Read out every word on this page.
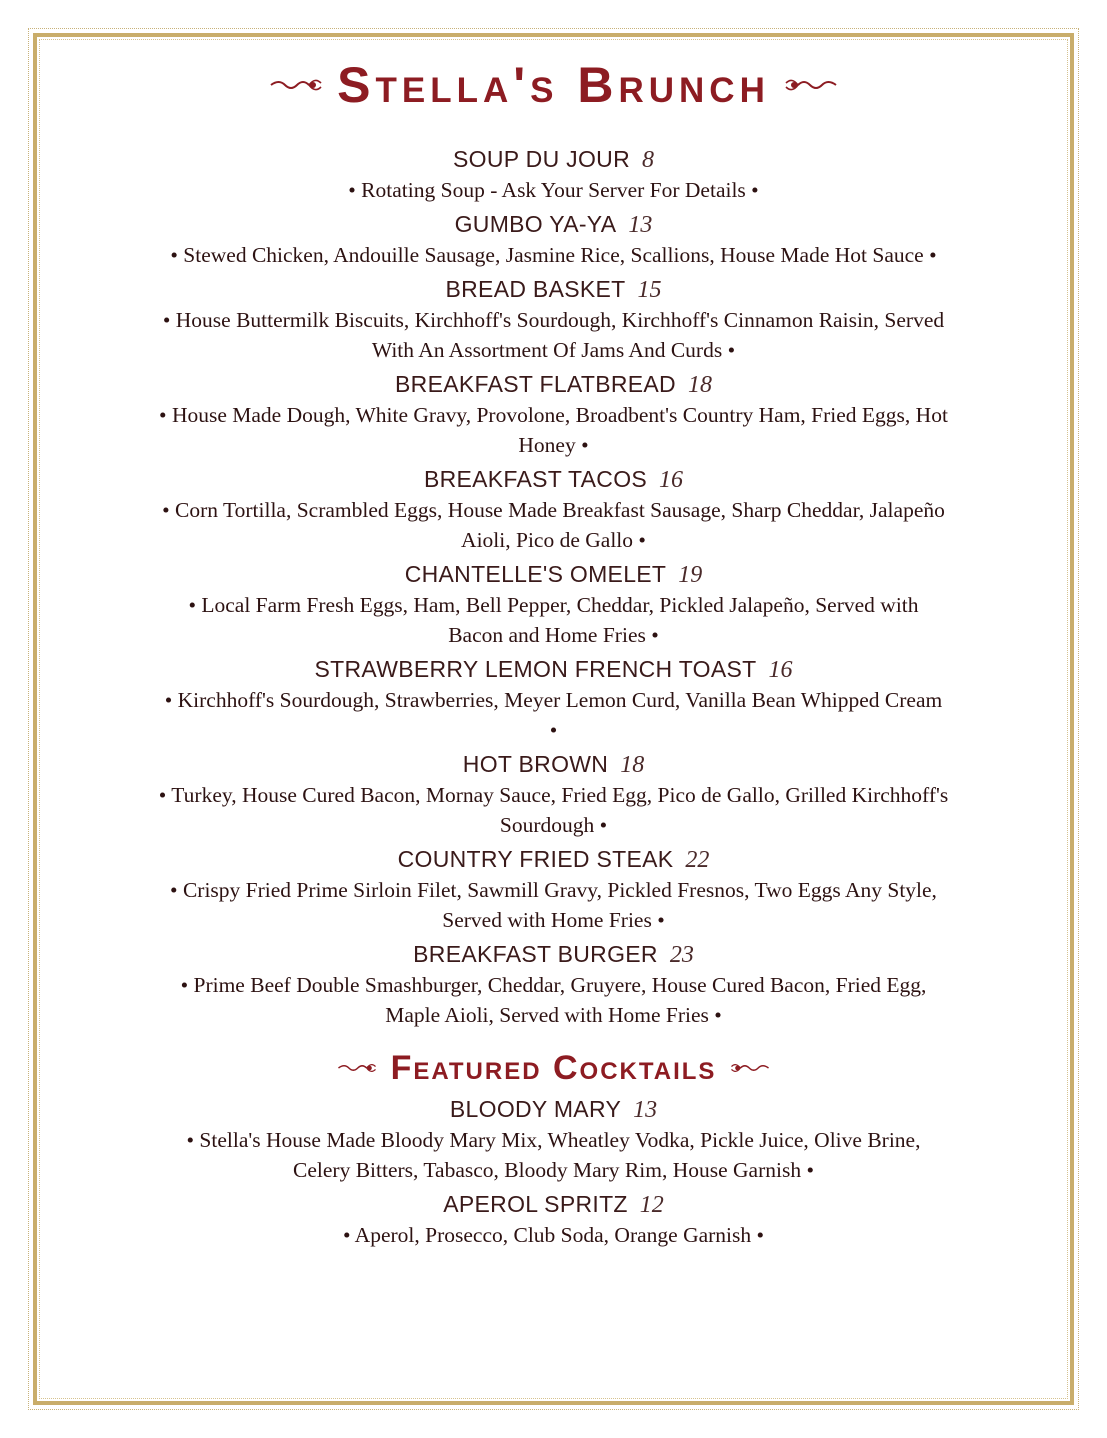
Stella's Brunch
SOUP DU JOUR 8
• Rotating Soup - Ask Your Server For Details •
GUMBO YA-YA 13
• Stewed Chicken, Andouille Sausage, Jasmine Rice, Scallions, House Made Hot Sauce •
BREAD BASKET 15
• House Buttermilk Biscuits, Kirchhoff's Sourdough, Kirchhoff's Cinnamon Raisin, Served With An Assortment Of Jams And Curds •
BREAKFAST FLATBREAD 18
• House Made Dough, White Gravy, Provolone, Broadbent's Country Ham, Fried Eggs, Hot Honey •
BREAKFAST TACOS 16
• Corn Tortilla, Scrambled Eggs, House Made Breakfast Sausage, Sharp Cheddar, Jalapeño Aioli, Pico de Gallo •
CHANTELLE'S OMELET 19
• Local Farm Fresh Eggs, Ham, Bell Pepper, Cheddar, Pickled Jalapeño, Served with Bacon and Home Fries •
STRAWBERRY LEMON FRENCH TOAST 16
• Kirchhoff's Sourdough, Strawberries, Meyer Lemon Curd, Vanilla Bean Whipped Cream •
HOT BROWN 18
• Turkey, House Cured Bacon, Mornay Sauce, Fried Egg, Pico de Gallo, Grilled Kirchhoff's Sourdough •
COUNTRY FRIED STEAK 22
• Crispy Fried Prime Sirloin Filet, Sawmill Gravy, Pickled Fresnos, Two Eggs Any Style, Served with Home Fries •
BREAKFAST BURGER 23
• Prime Beef Double Smashburger, Cheddar, Gruyere, House Cured Bacon, Fried Egg, Maple Aioli, Served with Home Fries •
Featured Cocktails
BLOODY MARY 13
• Stella's House Made Bloody Mary Mix, Wheatley Vodka, Pickle Juice, Olive Brine, Celery Bitters, Tabasco, Bloody Mary Rim, House Garnish •
APEROL SPRITZ 12
• Aperol, Prosecco, Club Soda, Orange Garnish •
